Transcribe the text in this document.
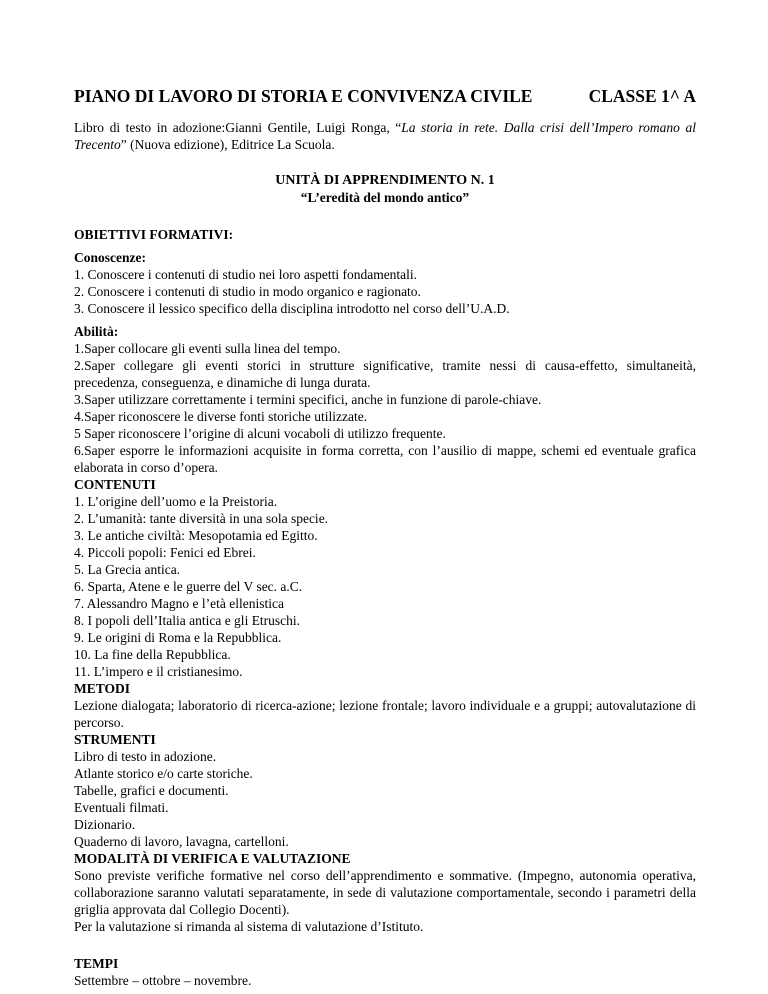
PIANO DI LAVORO DI STORIA E CONVIVENZA CIVILE	CLASSE 1^ A

Libro di testo in adozione:Gianni Gentile, Luigi Ronga, “La storia in rete. Dalla crisi dell’Impero romano al Trecento” (Nuova edizione), Editrice La Scuola.

UNITÀ DI APPRENDIMENTO N. 1

“L’eredità del mondo antico”

OBIETTIVI FORMATIVI:

Conoscenze:

1. Conoscere i contenuti di studio nei loro aspetti fondamentali.

2. Conoscere i contenuti di studio in modo organico e ragionato.

3. Conoscere il lessico specifico della disciplina introdotto nel corso dell’U.A.D.

Abilità:

1.Saper collocare gli eventi sulla linea del tempo.

2.Saper collegare gli eventi storici in strutture significative, tramite nessi di causa-effetto, simultaneità, precedenza, conseguenza, e dinamiche di lunga durata.

3.Saper utilizzare correttamente i termini specifici, anche in funzione di parole-chiave.

4.Saper riconoscere le diverse fonti storiche utilizzate.

5 Saper riconoscere l’origine di alcuni vocaboli di utilizzo frequente.

6.Saper esporre le informazioni acquisite in forma corretta, con l’ausilio di mappe, schemi ed eventuale grafica elaborata in corso d’opera.

CONTENUTI

1. L’origine dell’uomo e la Preistoria.

2. L’umanità: tante diversità in una sola specie.

3. Le antiche civiltà: Mesopotamia ed Egitto.

4. Piccoli popoli: Fenici ed Ebrei.

5. La Grecia antica.

6. Sparta, Atene e le guerre del V sec. a.C.

7. Alessandro Magno e l’età ellenistica

8. I popoli dell’Italia antica e gli Etruschi.

9. Le origini di Roma e la Repubblica.

10. La fine della Repubblica.

11. L’impero e il cristianesimo.

METODI

Lezione dialogata; laboratorio di ricerca-azione; lezione frontale; lavoro individuale e a gruppi; autovalutazione di percorso.

STRUMENTI

Libro di testo in adozione.

Atlante storico e/o carte storiche.

Tabelle, grafici e documenti.

Eventuali filmati.

Dizionario.

Quaderno di lavoro, lavagna, cartelloni.

MODALITÀ DI VERIFICA E VALUTAZIONE

Sono previste verifiche formative nel corso dell’apprendimento e sommative. (Impegno, autonomia operativa, collaborazione saranno valutati separatamente, in sede di valutazione comportamentale, secondo i parametri della griglia approvata dal Collegio Docenti).

Per la valutazione si rimanda al sistema di valutazione d’Istituto.

TEMPI

Settembre – ottobre – novembre.
